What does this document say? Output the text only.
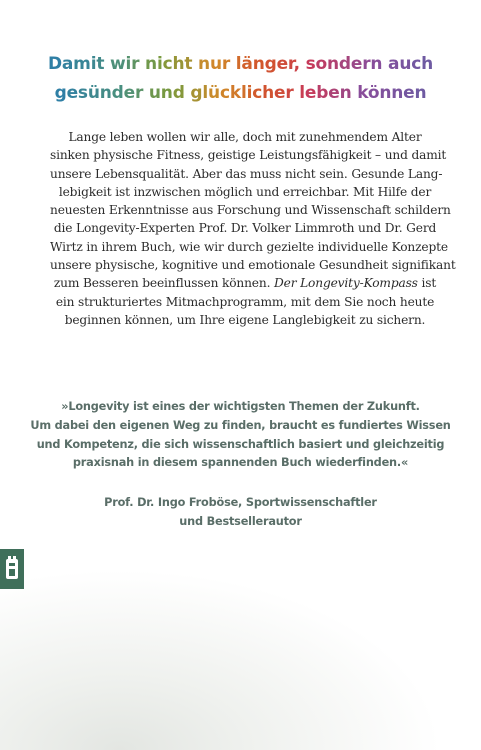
Damit wir nicht nur länger, sondern auch
gesünder und glücklicher leben können
Lange leben wollen wir alle, doch mit zunehmendem Alter
sinken physische Fitness, geistige Leistungsfähigkeit – und damit
unsere Lebensqualität. Aber das muss nicht sein. Gesunde Lang-
lebigkeit ist inzwischen möglich und erreichbar. Mit Hilfe der
neuesten Erkenntnisse aus Forschung und Wissenschaft schildern
die Longevity-Experten Prof. Dr. Volker Limmroth und Dr. Gerd
Wirtz in ihrem Buch, wie wir durch gezielte individuelle Konzepte
unsere physische, kognitive und emotionale Gesundheit signifikant
zum Besseren beeinflussen können. Der Longevity-Kompass ist
ein strukturiertes Mitmachprogramm, mit dem Sie noch heute
beginnen können, um Ihre eigene Langlebigkeit zu sichern.
»Longevity ist eines der wichtigsten Themen der Zukunft.
Um dabei den eigenen Weg zu finden, braucht es fundiertes Wissen
und Kompetenz, die sich wissenschaftlich basiert und gleichzeitig
praxisnah in diesem spannenden Buch wiederfinden.«
Prof. Dr. Ingo Froböse, Sportwissenschaftler
und Bestsellerautor
